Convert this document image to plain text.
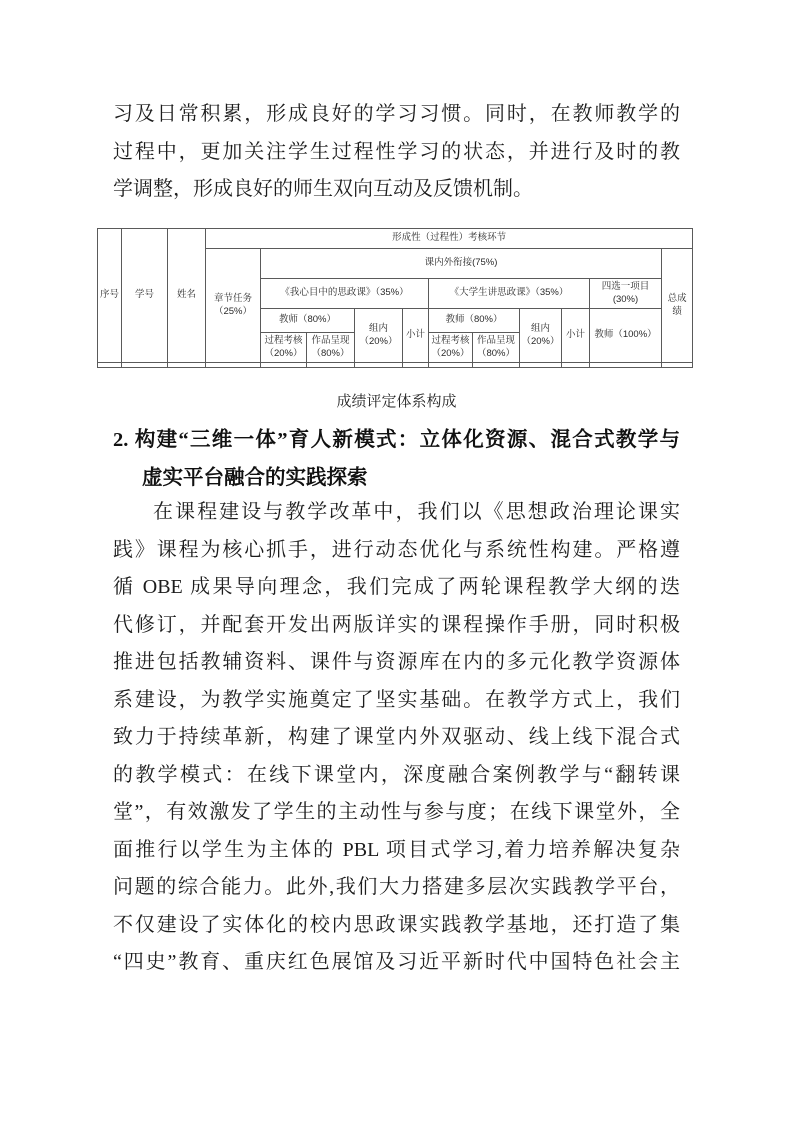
习及日常积累，形成良好的学习习惯。同时，在教师教学的
过程中，更加关注学生过程性学习的状态，并进行及时的教
学调整，形成良好的师生双向互动及反馈机制。
序号	学号	姓名	形成性（过程性）考核环节										
			章节任务（25%）	课内外衔接(75%)									总成绩
				《我心目中的思政课》（35%）				《大学生讲思政课》（35%）				四选一项目(30%)	
				教师（80%）		组内（20%）	小计	教师（80%）		组内（20%）	小计	教师（100%）	
				过程考核（20%）	作品呈现（80%）			过程考核（20%）	作品呈现（80%）				

成绩评定体系构成
2. 构建“三维一体”育人新模式：立体化资源、混合式教学与
虚实平台融合的实践探索
在课程建设与教学改革中，我们以《思想政治理论课实
践》课程为核心抓手，进行动态优化与系统性构建。严格遵
循 OBE 成果导向理念，我们完成了两轮课程教学大纲的迭
代修订，并配套开发出两版详实的课程操作手册，同时积极
推进包括教辅资料、课件与资源库在内的多元化教学资源体
系建设，为教学实施奠定了坚实基础。在教学方式上，我们
致力于持续革新，构建了课堂内外双驱动、线上线下混合式
的教学模式：在线下课堂内，深度融合案例教学与“翻转课
堂”，有效激发了学生的主动性与参与度；在线下课堂外，全
面推行以学生为主体的 PBL 项目式学习,着力培养解决复杂
问题的综合能力。此外,我们大力搭建多层次实践教学平台，
不仅建设了实体化的校内思政课实践教学基地，还打造了集
“四史”教育、重庆红色展馆及习近平新时代中国特色社会主
